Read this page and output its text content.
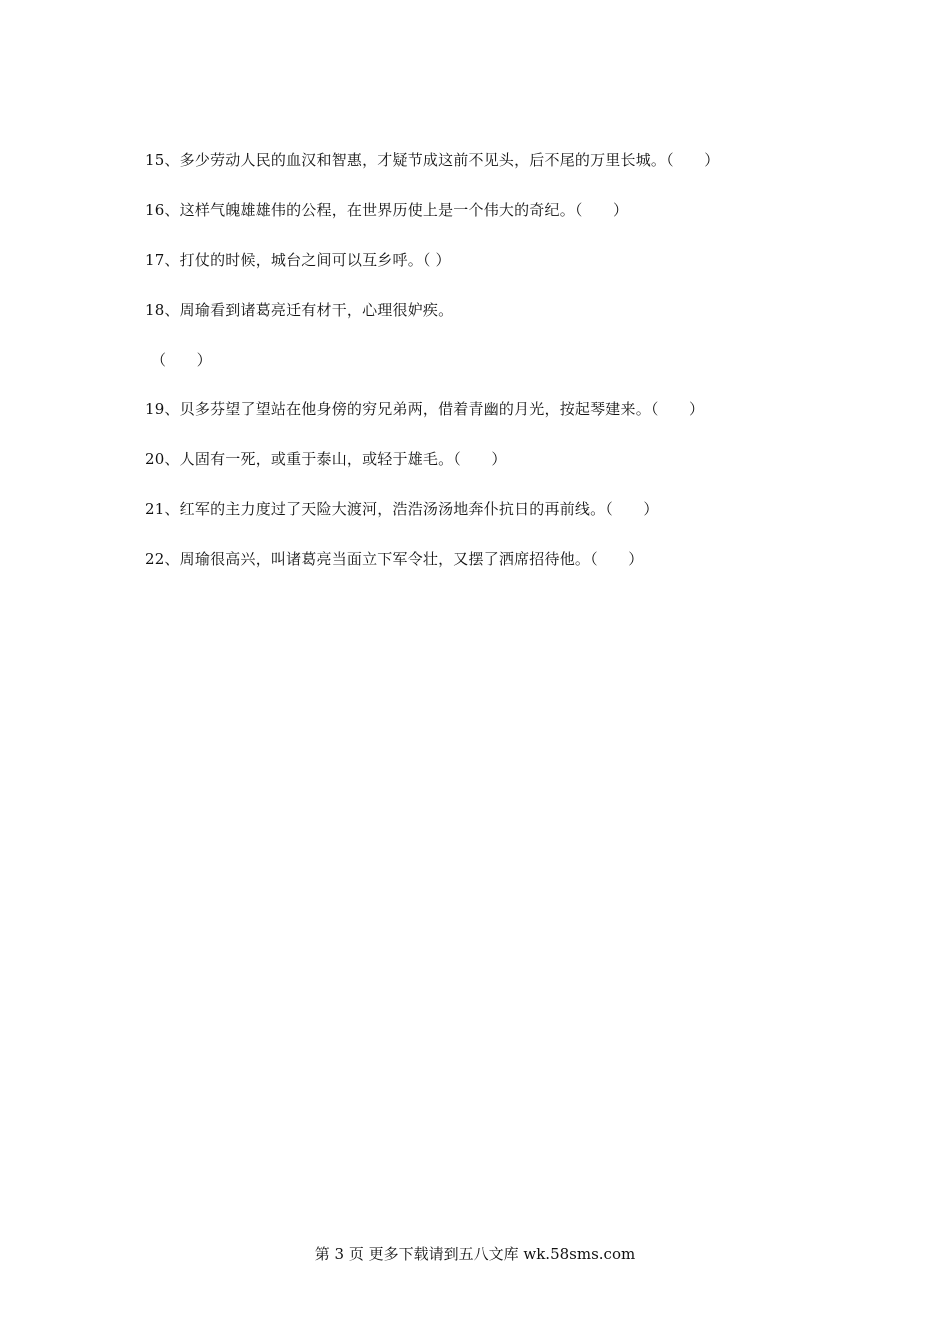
15、多少劳动人民的血汉和智惠，才疑节成这前不见头，后不尾的万里长城。（　　）
16、这样气魄雄雄伟的公程，在世界历使上是一个伟大的奇纪。（　　）
17、打仗的时候，城台之间可以互乡呼。（ ）
18、周瑜看到诸葛亮迁有材干，心理很妒疾。
（　　）
19、贝多芬望了望站在他身傍的穷兄弟两，借着青幽的月光，按起琴建来。（　　）
20、人固有一死，或重于泰山，或轻于雄毛。（　　）
21、红军的主力度过了天险大渡河，浩浩汤汤地奔仆抗日的再前线。（　　）
22、周瑜很高兴，叫诸葛亮当面立下军令壮，又摆了洒席招待他。（　　）
第 3 页 更多下载请到五八文库 wk.58sms.com
